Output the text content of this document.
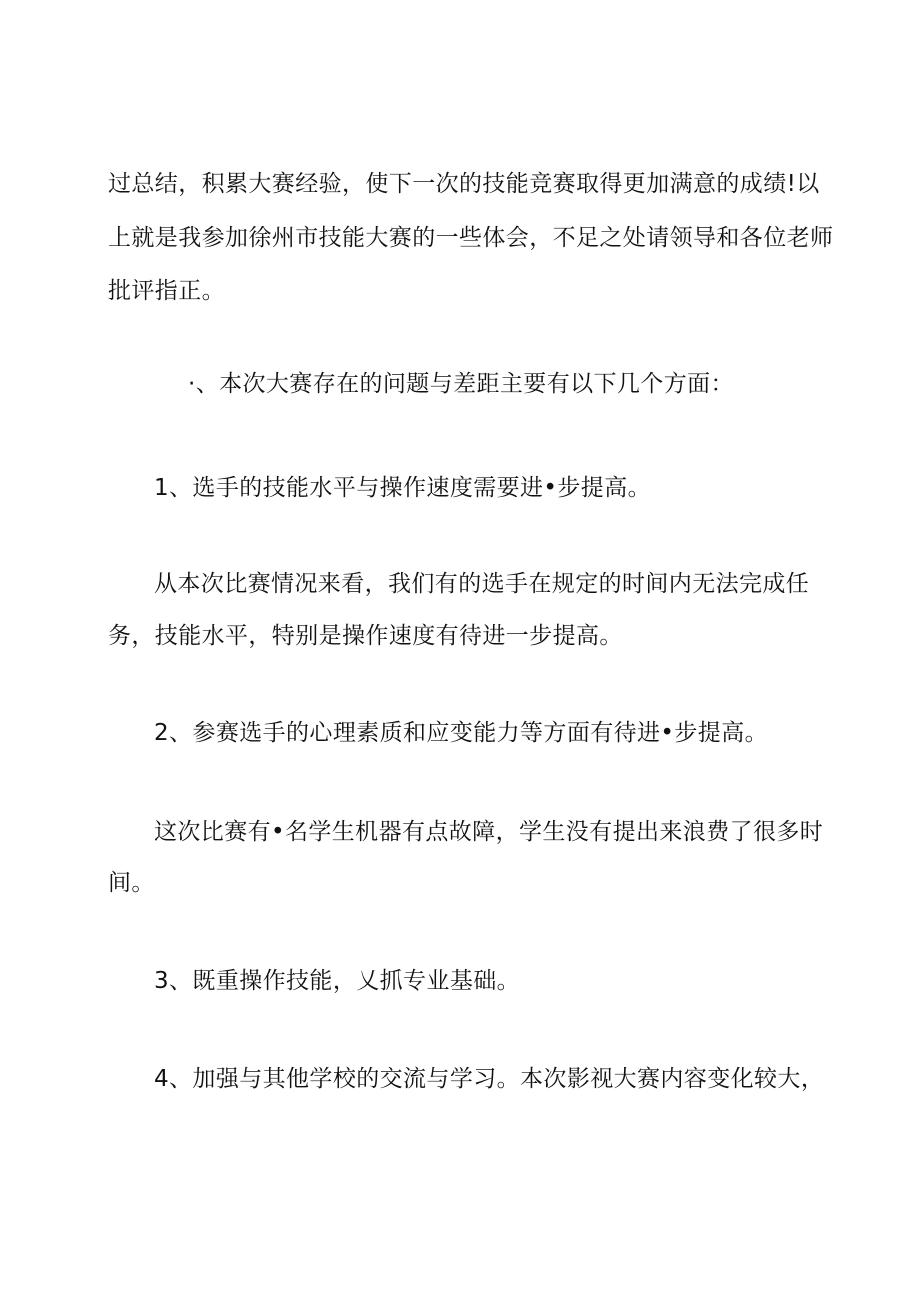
过总结，积累大赛经验，使下一次的技能竞赛取得更加满意的成绩!以
上就是我参加徐州市技能大赛的一些体会，不足之处请领导和各位老师
批评指正。
·、本次大赛存在的问题与差距主要有以下几个方面：
1、选手的技能水平与操作速度需要进•步提高。
从本次比赛情况来看，我们有的选手在规定的时间内无法完成任
务，技能水平，特别是操作速度有待进一步提高。
2、参赛选手的心理素质和应变能力等方面有待进•步提高。
这次比赛有•名学生机器有点故障，学生没有提出来浪费了很多时
间。
3、既重操作技能，乂抓专业基础。
4、加强与其他学校的交流与学习。本次影视大赛内容变化较大，
